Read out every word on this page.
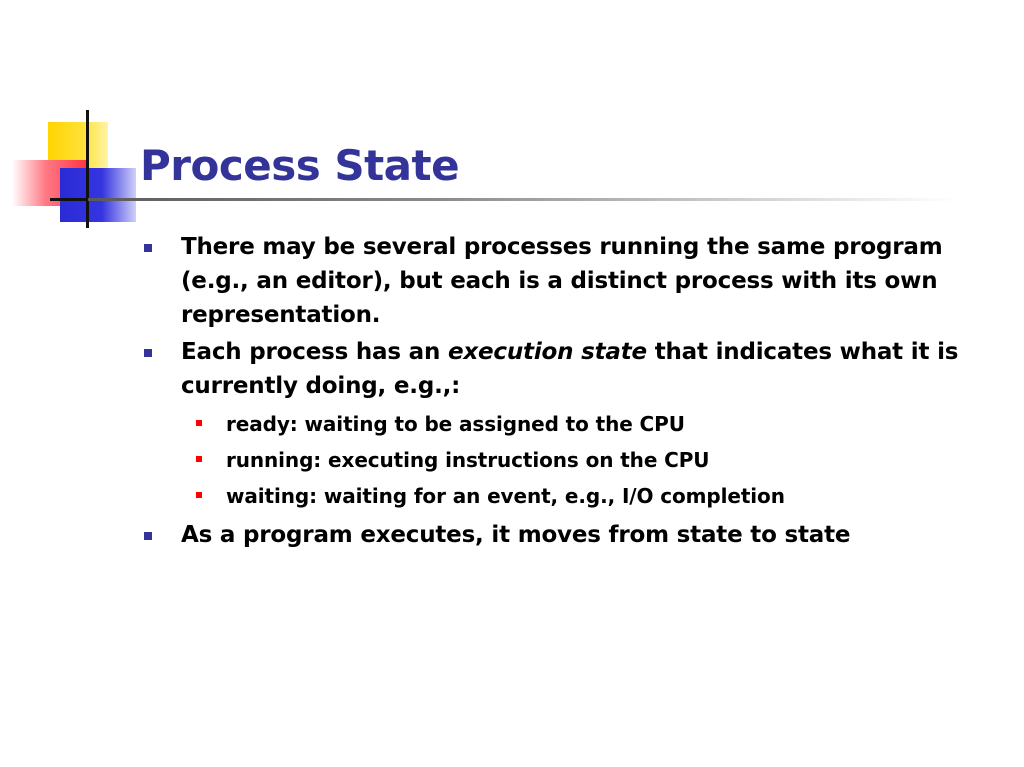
Process State
There may be several processes running the same program (e.g., an editor), but each is a distinct process with its own representation.
Each process has an execution state that indicates what it is currently doing, e.g.,:
ready: waiting to be assigned to the CPU
running: executing instructions on the CPU
waiting: waiting for an event, e.g., I/O completion
As a program executes, it moves from state to state
